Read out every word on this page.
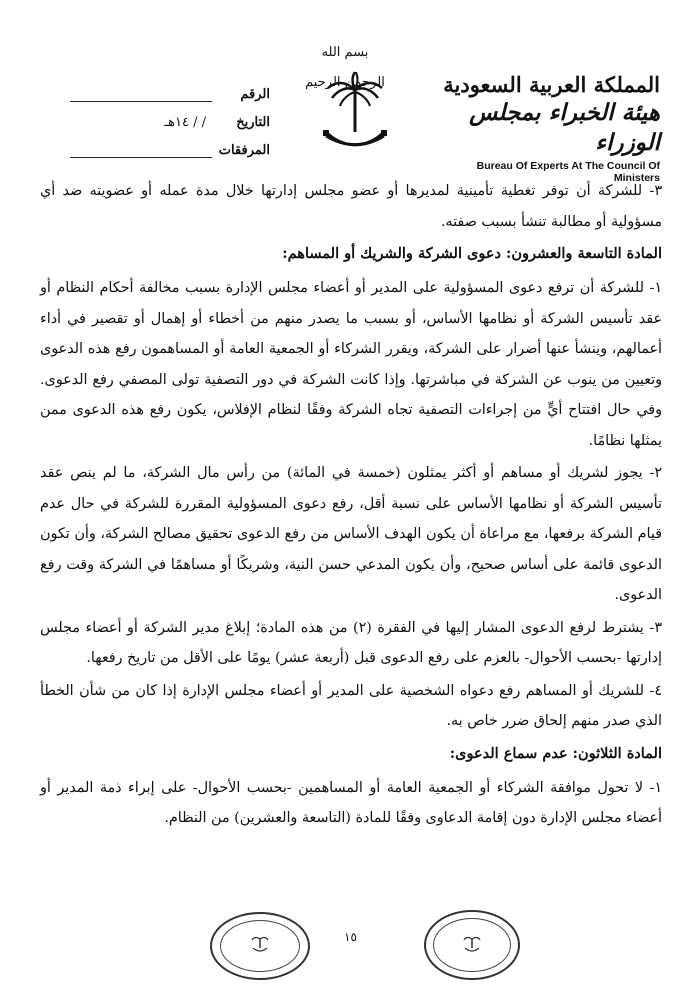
بسم الله الرحمن الرحيم	المملكة العربية السعودية
هيئة الخبراء بمجلس الوزراء
Bureau Of Experts At The Council Of Ministers
الرقم
التاريخ
/ / ١٤هـ
المرفقات

٣- للشركة أن توفر تغطية تأمينية لمديرها أو عضو مجلس إدارتها خلال مدة عمله أو عضويته ضد أي مسؤولية أو مطالبة تنشأ بسبب صفته.

المادة التاسعة والعشرون: دعوى الشركة والشريك أو المساهم:

١- للشركة أن ترفع دعوى المسؤولية على المدير أو أعضاء مجلس الإدارة بسبب مخالفة أحكام النظام أو عقد تأسيس الشركة أو نظامها الأساس، أو بسبب ما يصدر منهم من أخطاء أو إهمال أو تقصير في أداء أعمالهم، وينشأ عنها أضرار على الشركة، ويقرر الشركاء أو الجمعية العامة أو المساهمون رفع هذه الدعوى وتعيين من ينوب عن الشركة في مباشرتها. وإذا كانت الشركة في دور التصفية تولى المصفي رفع الدعوى. وفي حال افتتاح أيٍّ من إجراءات التصفية تجاه الشركة وفقًا لنظام الإفلاس، يكون رفع هذه الدعوى ممن يمثلها نظامًا.

٢- يجوز لشريك أو مساهم أو أكثر يمثلون (خمسة في المائة) من رأس مال الشركة، ما لم ينص عقد تأسيس الشركة أو نظامها الأساس على نسبة أقل، رفع دعوى المسؤولية المقررة للشركة في حال عدم قيام الشركة برفعها، مع مراعاة أن يكون الهدف الأساس من رفع الدعوى تحقيق مصالح الشركة، وأن تكون الدعوى قائمة على أساس صحيح، وأن يكون المدعي حسن النية، وشريكًا أو مساهمًا في الشركة وقت رفع الدعوى.

٣- يشترط لرفع الدعوى المشار إليها في الفقرة (٢) من هذه المادة؛ إبلاغ مدير الشركة أو أعضاء مجلس إدارتها -بحسب الأحوال- بالعزم على رفع الدعوى قبل (أربعة عشر) يومًا على الأقل من تاريخ رفعها.

٤- للشريك أو المساهم رفع دعواه الشخصية على المدير أو أعضاء مجلس الإدارة إذا كان من شأن الخطأ الذي صدر منهم إلحاق ضرر خاص به.

المادة الثلاثون: عدم سماع الدعوى:

١- لا تحول موافقة الشركاء أو الجمعية العامة أو المساهمين -بحسب الأحوال- على إبراء ذمة المدير أو أعضاء مجلس الإدارة دون إقامة الدعاوى وفقًا للمادة (التاسعة والعشرين) من النظام.

١٥
